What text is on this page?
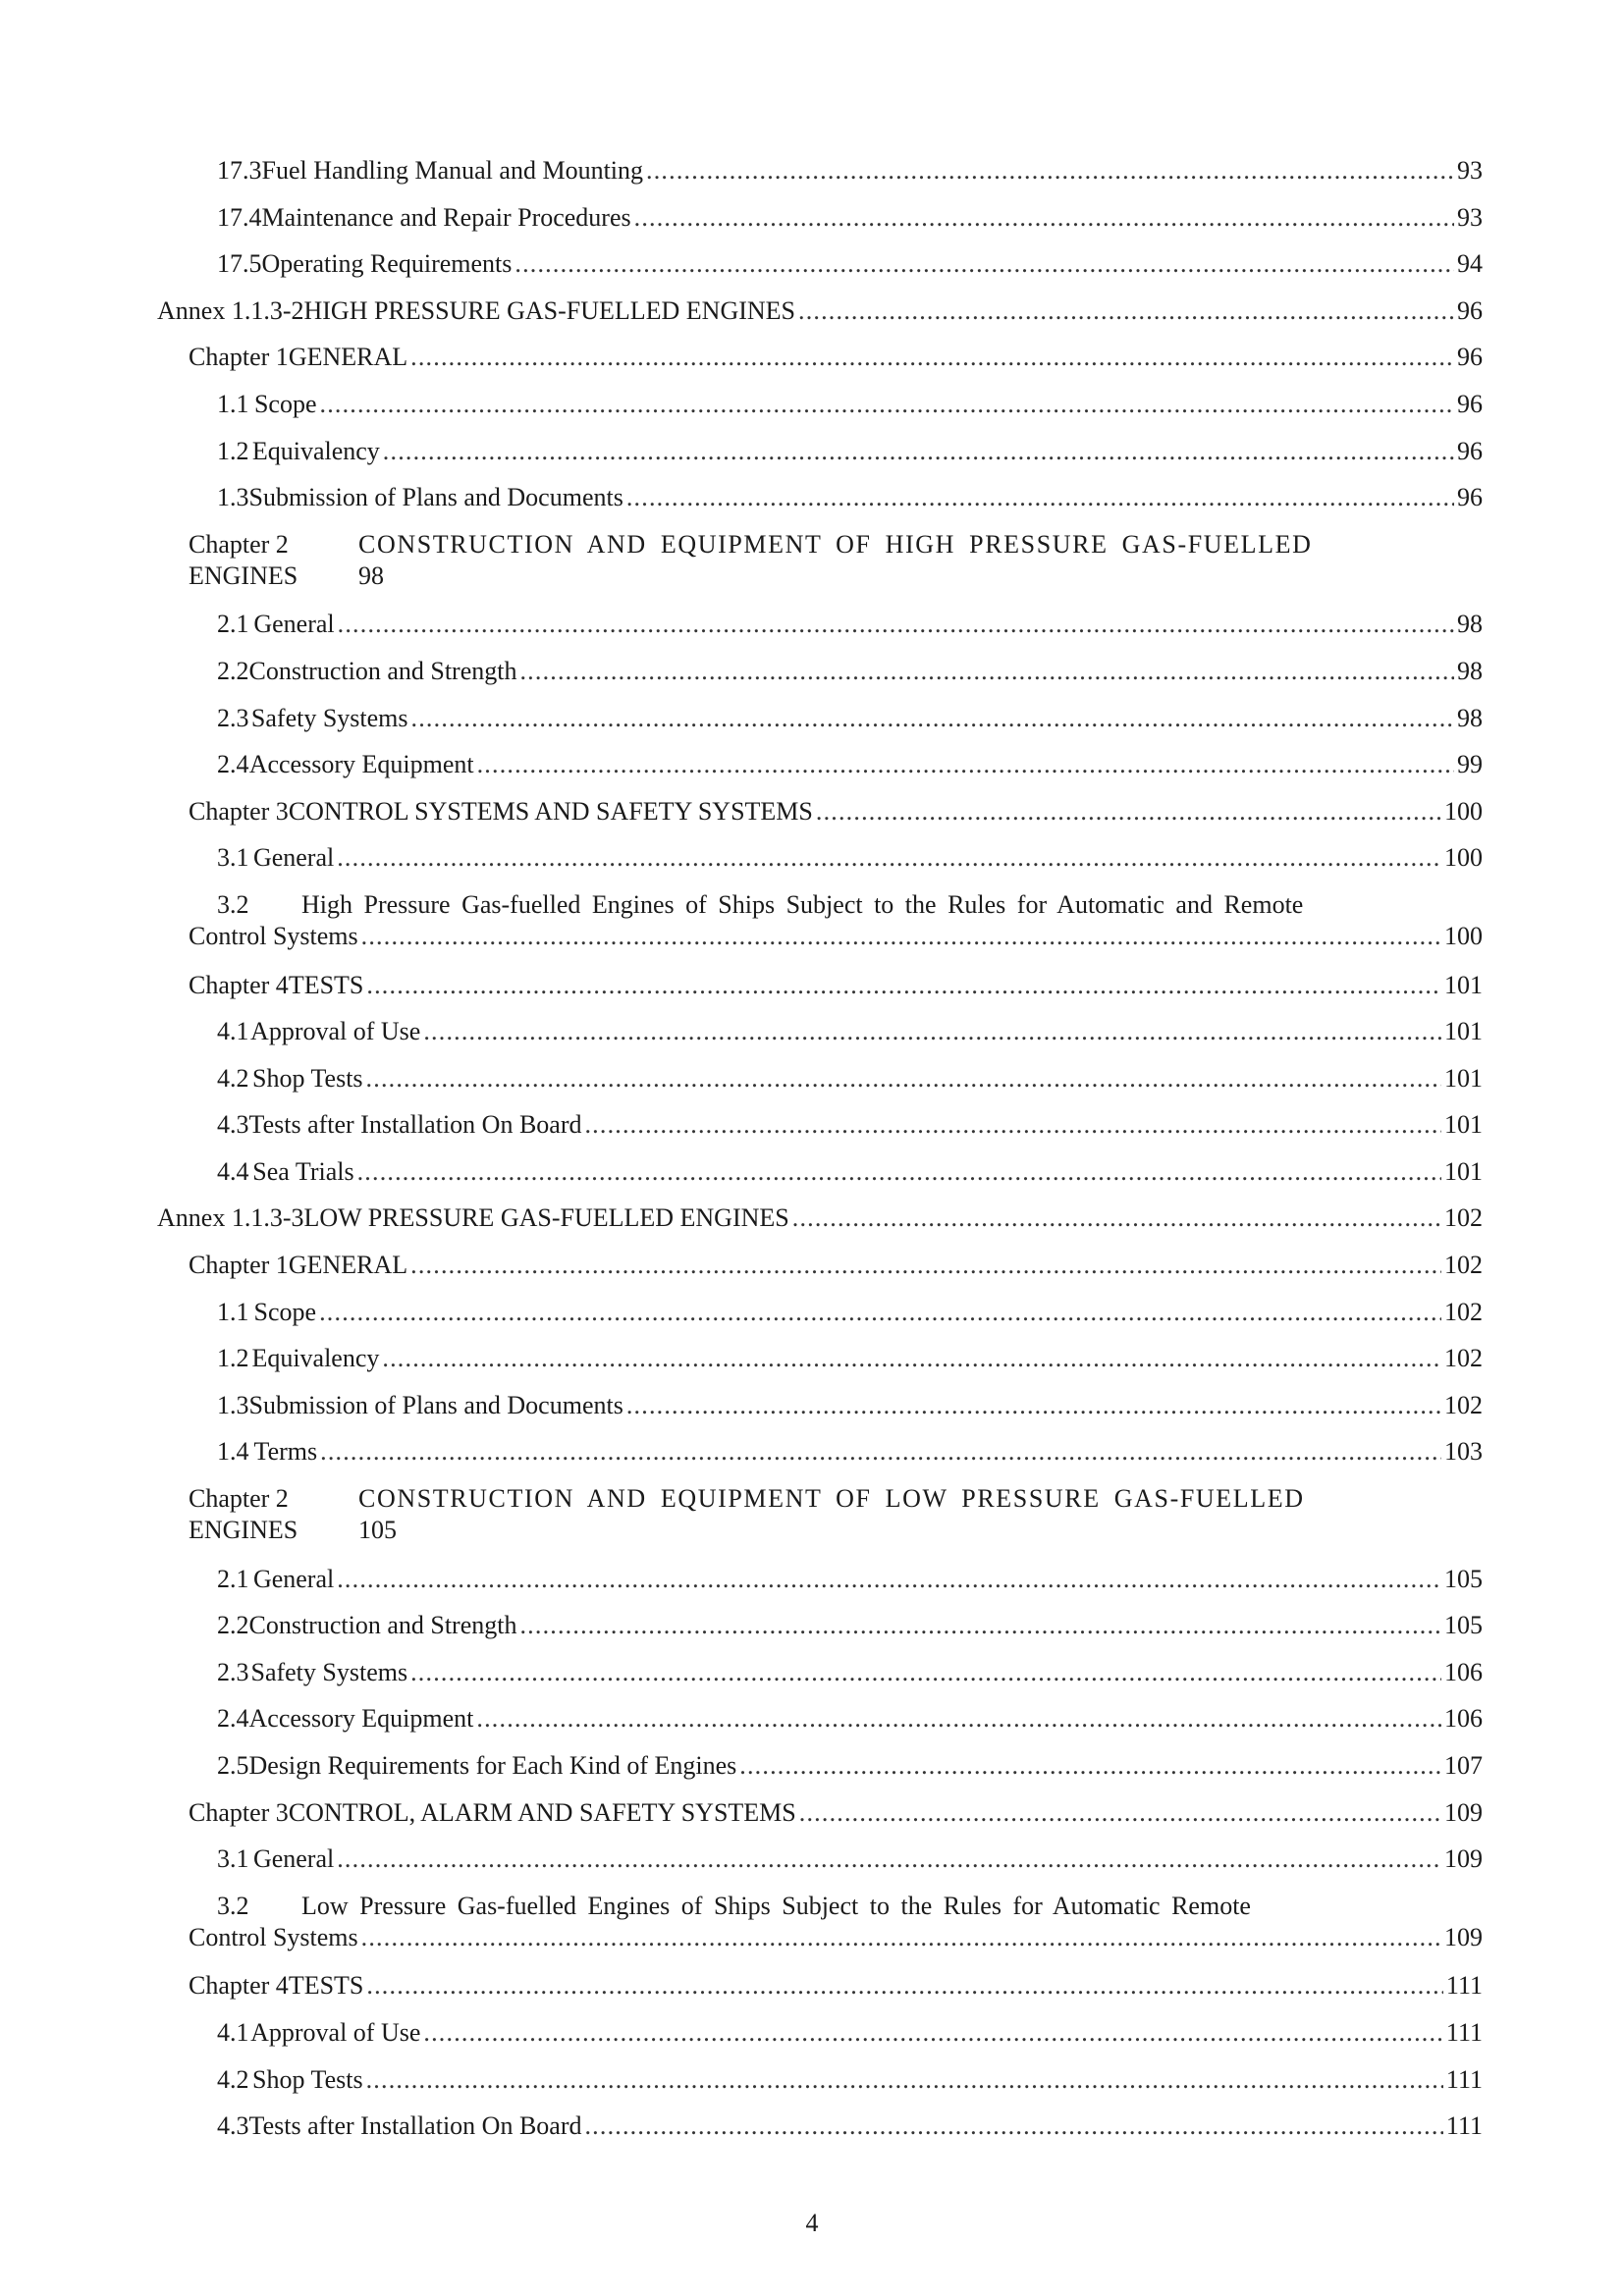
17.3 Fuel Handling Manual and Mounting .....	93
17.4 Maintenance and Repair Procedures .....	93
17.5 Operating Requirements .....	94
Annex 1.1.3-2 HIGH PRESSURE GAS-FUELLED ENGINES .....	96
Chapter 1 GENERAL .....	96
1.1 Scope .....	96
1.2 Equivalency .....	96
1.3 Submission of Plans and Documents .....	96
Chapter 2	CONSTRUCTION AND EQUIPMENT OF HIGH PRESSURE GAS-FUELLED
ENGINES	98
2.1 General .....	98
2.2 Construction and Strength .....	98
2.3 Safety Systems .....	98
2.4 Accessory Equipment .....	99
Chapter 3 CONTROL SYSTEMS AND SAFETY SYSTEMS .....	100
3.1 General .....	100
3.2	High Pressure Gas-fuelled Engines of Ships Subject to the Rules for Automatic and Remote
Control Systems .....	100
Chapter 4 TESTS .....	101
4.1 Approval of Use .....	101
4.2 Shop Tests .....	101
4.3 Tests after Installation On Board .....	101
4.4 Sea Trials .....	101
Annex 1.1.3-3 LOW PRESSURE GAS-FUELLED ENGINES .....	102
Chapter 1 GENERAL .....	102
1.1 Scope .....	102
1.2 Equivalency .....	102
1.3 Submission of Plans and Documents .....	102
1.4 Terms .....	103
Chapter 2	CONSTRUCTION AND EQUIPMENT OF LOW PRESSURE GAS-FUELLED
ENGINES	105
2.1 General .....	105
2.2 Construction and Strength .....	105
2.3 Safety Systems .....	106
2.4 Accessory Equipment .....	106
2.5 Design Requirements for Each Kind of Engines .....	107
Chapter 3 CONTROL, ALARM AND SAFETY SYSTEMS .....	109
3.1 General .....	109
3.2	Low Pressure Gas-fuelled Engines of Ships Subject to the Rules for Automatic Remote
Control Systems .....	109
Chapter 4 TESTS .....	111
4.1 Approval of Use .....	111
4.2 Shop Tests .....	111
4.3 Tests after Installation On Board .....	111
4
